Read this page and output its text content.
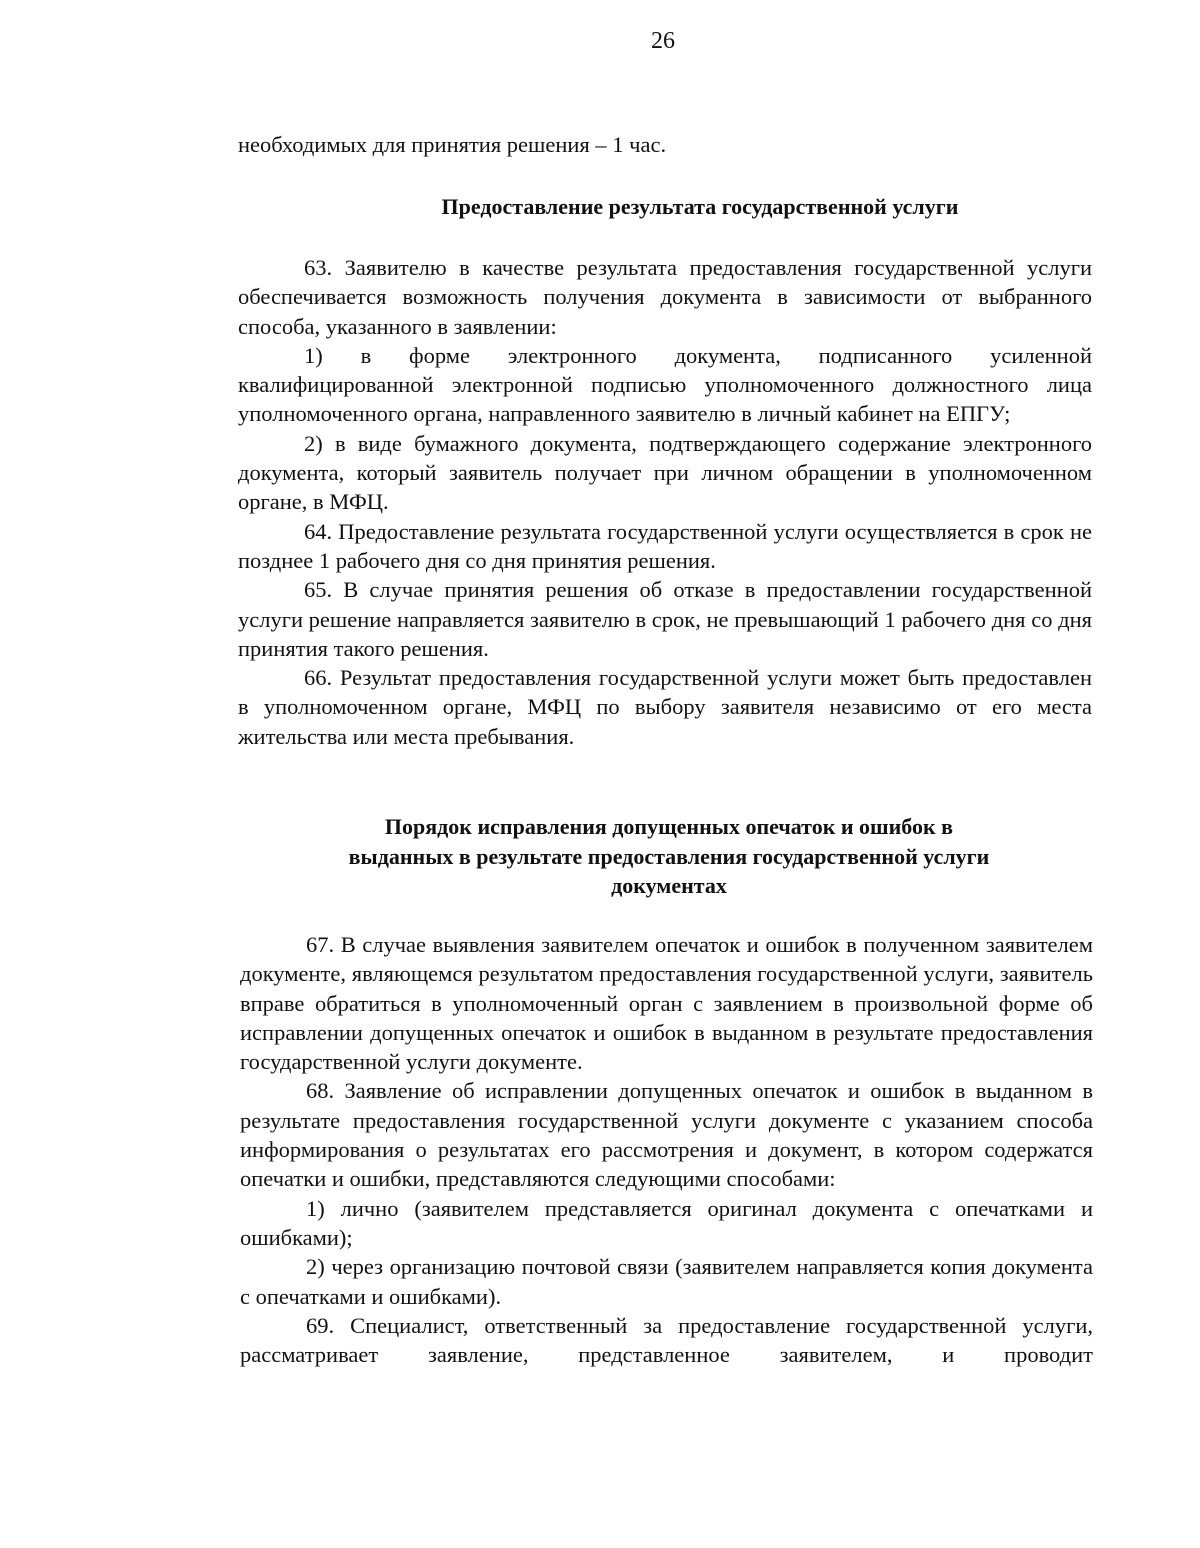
26

необходимых для принятия решения – 1 час.

Предоставление результата государственной услуги

63. Заявителю в качестве результата предоставления государственной услуги обеспечивается возможность получения документа в зависимости от выбранного способа, указанного в заявлении:

1) в форме электронного документа, подписанного усиленной квалифицированной электронной подписью уполномоченного должностного лица уполномоченного органа, направленного заявителю в личный кабинет на ЕПГУ;

2) в виде бумажного документа, подтверждающего содержание электронного документа, который заявитель получает при личном обращении в уполномоченном органе, в МФЦ.

64. Предоставление результата государственной услуги осуществляется в срок не позднее 1 рабочего дня со дня принятия решения.

65. В случае принятия решения об отказе в предоставлении государственной услуги решение направляется заявителю в срок, не превышающий 1 рабочего дня со дня принятия такого решения.

66. Результат предоставления государственной услуги может быть предоставлен в уполномоченном органе, МФЦ по выбору заявителя независимо от его места жительства или места пребывания.

Порядок исправления допущенных опечаток и ошибок в
выданных в результате предоставления государственной услуги
документах

67. В случае выявления заявителем опечаток и ошибок в полученном заявителем документе, являющемся результатом предоставления государственной услуги, заявитель вправе обратиться в уполномоченный орган с заявлением в произвольной форме об исправлении допущенных опечаток и ошибок в выданном в результате предоставления государственной услуги документе.

68. Заявление об исправлении допущенных опечаток и ошибок в выданном в результате предоставления государственной услуги документе с указанием способа информирования о результатах его рассмотрения и документ, в котором содержатся опечатки и ошибки, представляются следующими способами:

1) лично (заявителем представляется оригинал документа с опечатками и ошибками);

2) через организацию почтовой связи (заявителем направляется копия документа с опечатками и ошибками).

69. Специалист, ответственный за предоставление государственной услуги, рассматривает заявление, представленное заявителем, и проводит
